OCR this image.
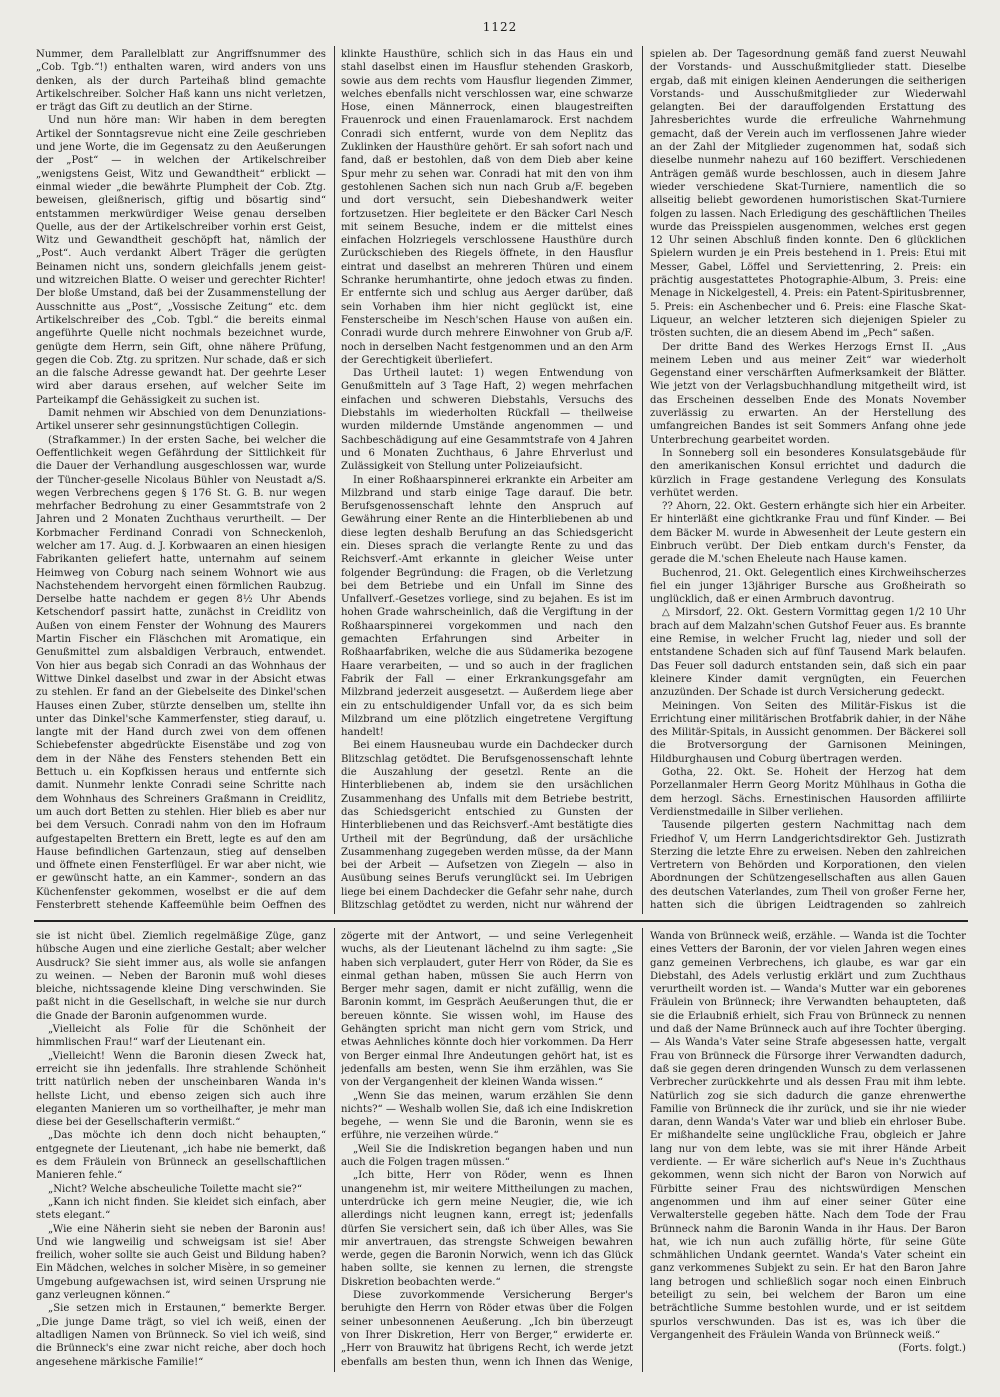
1122

Nummer, dem Parallelblatt zur Angriffsnummer des „Cob. Tgb.“!) enthalten waren, wird anders von uns denken, als der durch Parteihaß blind gemachte Artikelschreiber. Solcher Haß kann uns nicht verletzen, er trägt das Gift zu deutlich an der Stirne.

Und nun höre man: Wir haben in dem beregten Artikel der Sonntagsrevue nicht eine Zeile geschrieben und jene Worte, die im Gegensatz zu den Aeußerungen der „Post“ — in welchen der Artikelschreiber „wenigstens Geist, Witz und Gewandtheit“ erblickt — einmal wieder „die bewährte Plumpheit der Cob. Ztg. beweisen, gleißnerisch, giftig und bösartig sind“ entstammen merkwürdiger Weise genau derselben Quelle, aus der der Artikelschreiber vorhin erst Geist, Witz und Gewandtheit geschöpft hat, nämlich der „Post“. Auch verdankt Albert Träger die gerügten Beinamen nicht uns, sondern gleichfalls jenem geist- und witzreichen Blatte. O weiser und gerechter Richter! Der bloße Umstand, daß bei der Zusammenstellung der Ausschnitte aus „Post“, „Vossische Zeitung“ etc. dem Artikelschreiber des „Cob. Tgbl.“ die bereits einmal angeführte Quelle nicht nochmals bezeichnet wurde, genügte dem Herrn, sein Gift, ohne nähere Prüfung, gegen die Cob. Ztg. zu spritzen. Nur schade, daß er sich an die falsche Adresse gewandt hat. Der geehrte Leser wird aber daraus ersehen, auf welcher Seite im Parteikampf die Gehässigkeit zu suchen ist.

Damit nehmen wir Abschied von dem Denunziations-Artikel unserer sehr gesinnungstüchtigen Collegin.

(Strafkammer.) In der ersten Sache, bei welcher die Oeffentlichkeit wegen Gefährdung der Sittlichkeit für die Dauer der Verhandlung ausgeschlossen war, wurde der Tüncher-geselle Nicolaus Bühler von Neustadt a/S. wegen Verbrechens gegen § 176 St. G. B. nur wegen mehrfacher Bedrohung zu einer Gesammtstrafe von 2 Jahren und 2 Monaten Zuchthaus verurtheilt. — Der Korbmacher Ferdinand Conradi von Schneckenloh, welcher am 17. Aug. d. J. Korbwaaren an einen hiesigen Fabrikanten geliefert hatte, unternahm auf seinem Heimweg von Coburg nach seinem Wohnort wie aus Nachstehendem hervorgeht einen förmlichen Raubzug. Derselbe hatte nachdem er gegen 8½ Uhr Abends Ketschendorf passirt hatte, zunächst in Creidlitz von Außen von einem Fenster der Wohnung des Maurers Martin Fischer ein Fläschchen mit Aromatique, ein Genußmittel zum alsbaldigen Verbrauch, entwendet. Von hier aus begab sich Conradi an das Wohnhaus der Wittwe Dinkel daselbst und zwar in der Absicht etwas zu stehlen. Er fand an der Giebelseite des Dinkel'schen Hauses einen Zuber, stürzte denselben um, stellte ihn unter das Dinkel'sche Kammerfenster, stieg darauf, u. langte mit der Hand durch zwei von dem offenen Schiebefenster abgedrückte Eisenstäbe und zog von dem in der Nähe des Fensters stehenden Bett ein Bettuch u. ein Kopfkissen heraus und entfernte sich damit. Nunmehr lenkte Conradi seine Schritte nach dem Wohnhaus des Schreiners Graßmann in Creidlitz, um auch dort Betten zu stehlen. Hier blieb es aber nur bei dem Versuch. Conradi nahm von den im Hofraum aufgestapelten Brettern ein Brett, legte es auf den am Hause befindlichen Gartenzaun, stieg auf denselben und öffnete einen Fensterflügel. Er war aber nicht, wie er gewünscht hatte, an ein Kammer-, sondern an das Küchenfenster gekommen, woselbst er die auf dem Fensterbrett stehende Kaffeemühle beim Oeffnen des

klinkte Hausthüre, schlich sich in das Haus ein und stahl daselbst einen im Hausflur stehenden Graskorb, sowie aus dem rechts vom Hausflur liegenden Zimmer, welches ebenfalls nicht verschlossen war, eine schwarze Hose, einen Männerrock, einen blaugestreiften Frauenrock und einen Frauenlamarock. Erst nachdem Conradi sich entfernt, wurde von dem Neplitz das Zuklinken der Hausthüre gehört. Er sah sofort nach und fand, daß er bestohlen, daß von dem Dieb aber keine Spur mehr zu sehen war. Conradi hat mit den von ihm gestohlenen Sachen sich nun nach Grub a/F. begeben und dort versucht, sein Diebeshandwerk weiter fortzusetzen. Hier begleitete er den Bäcker Carl Nesch mit seinem Besuche, indem er die mittelst eines einfachen Holzriegels verschlossene Hausthüre durch Zurückschieben des Riegels öffnete, in den Hausflur eintrat und daselbst an mehreren Thüren und einem Schranke herumhantirte, ohne jedoch etwas zu finden. Er entfernte sich und schlug aus Aerger darüber, daß sein Vorhaben ihm hier nicht geglückt ist, eine Fensterscheibe im Nesch'schen Hause von außen ein. Conradi wurde durch mehrere Einwohner von Grub a/F. noch in derselben Nacht festgenommen und an den Arm der Gerechtigkeit überliefert.

Das Urtheil lautet: 1) wegen Entwendung von Genußmitteln auf 3 Tage Haft, 2) wegen mehrfachen einfachen und schweren Diebstahls, Versuchs des Diebstahls im wiederholten Rückfall — theilweise wurden mildernde Umstände angenommen — und Sachbeschädigung auf eine Gesammtstrafe von 4 Jahren und 6 Monaten Zuchthaus, 6 Jahre Ehrverlust und Zulässigkeit von Stellung unter Polizeiaufsicht.

In einer Roßhaarspinnerei erkrankte ein Arbeiter am Milzbrand und starb einige Tage darauf. Die betr. Berufsgenossenschaft lehnte den Anspruch auf Gewährung einer Rente an die Hinterbliebenen ab und diese legten deshalb Berufung an das Schiedsgericht ein. Dieses sprach die verlangte Rente zu und das Reichsverf.-Amt erkannte in gleicher Weise unter folgender Begründung: die Fragen, ob die Verletzung bei dem Betriebe und ein Unfall im Sinne des Unfallverf.-Gesetzes vorliege, sind zu bejahen. Es ist im hohen Grade wahrscheinlich, daß die Vergiftung in der Roßhaarspinnerei vorgekommen und nach den gemachten Erfahrungen sind Arbeiter in Roßhaarfabriken, welche die aus Südamerika bezogene Haare verarbeiten, — und so auch in der fraglichen Fabrik der Fall — einer Erkrankungsgefahr am Milzbrand jederzeit ausgesetzt. — Außerdem liege aber ein zu entschuldigender Unfall vor, da es sich beim Milzbrand um eine plötzlich eingetretene Vergiftung handelt!

Bei einem Hausneubau wurde ein Dachdecker durch Blitzschlag getödtet. Die Berufsgenossenschaft lehnte die Auszahlung der gesetzl. Rente an die Hinterbliebenen ab, indem sie den ursächlichen Zusammenhang des Unfalls mit dem Betriebe bestritt, das Schiedsgericht entschied zu Gunsten der Hinterbliebenen und das Reichsverf.-Amt bestätigte dies Urtheil mit der Begründung, daß der ursächliche Zusammenhang zugegeben werden müsse, da der Mann bei der Arbeit — Aufsetzen von Ziegeln — also in Ausübung seines Berufs verunglückt sei. Im Uebrigen liege bei einem Dachdecker die Gefahr sehr nahe, durch Blitzschlag getödtet zu werden, nicht nur während der

spielen ab. Der Tagesordnung gemäß fand zuerst Neuwahl der Vorstands- und Ausschußmitglieder statt. Dieselbe ergab, daß mit einigen kleinen Aenderungen die seitherigen Vorstands- und Ausschußmitglieder zur Wiederwahl gelangten. Bei der darauffolgenden Erstattung des Jahresberichtes wurde die erfreuliche Wahrnehmung gemacht, daß der Verein auch im verflossenen Jahre wieder an der Zahl der Mitglieder zugenommen hat, sodaß sich dieselbe nunmehr nahezu auf 160 beziffert. Verschiedenen Anträgen gemäß wurde beschlossen, auch in diesem Jahre wieder verschiedene Skat-Turniere, namentlich die so allseitig beliebt gewordenen humoristischen Skat-Turniere folgen zu lassen. Nach Erledigung des geschäftlichen Theiles wurde das Preisspielen ausgenommen, welches erst gegen 12 Uhr seinen Abschluß finden konnte. Den 6 glücklichen Spielern wurden je ein Preis bestehend in 1. Preis: Etui mit Messer, Gabel, Löffel und Serviettenring, 2. Preis: ein prächtig ausgestattetes Photographie-Album, 3. Preis: eine Menage in Nickelgestell, 4. Preis: ein Patent-Spiritusbrenner, 5. Preis: ein Aschenbecher und 6. Preis: eine Flasche Skat-Liqueur, an welcher letzteren sich diejenigen Spieler zu trösten suchten, die an diesem Abend im „Pech“ saßen.

Der dritte Band des Werkes Herzogs Ernst II. „Aus meinem Leben und aus meiner Zeit“ war wiederholt Gegenstand einer verschärften Aufmerksamkeit der Blätter. Wie jetzt von der Verlagsbuchhandlung mitgetheilt wird, ist das Erscheinen desselben Ende des Monats November zuverlässig zu erwarten. An der Herstellung des umfangreichen Bandes ist seit Sommers Anfang ohne jede Unterbrechung gearbeitet worden.

In Sonneberg soll ein besonderes Konsulatsgebäude für den amerikanischen Konsul errichtet und dadurch die kürzlich in Frage gestandene Verlegung des Konsulats verhütet werden.

?? Ahorn, 22. Okt. Gestern erhängte sich hier ein Arbeiter. Er hinterläßt eine gichtkranke Frau und fünf Kinder. — Bei dem Bäcker M. wurde in Abwesenheit der Leute gestern ein Einbruch verübt. Der Dieb entkam durch's Fenster, da gerade die M.'schen Eheleute nach Hause kamen.

Buchenrod, 21. Okt. Gelegentlich eines Kirchweihscherzes fiel ein junger 13jähriger Bursche aus Großheirath so unglücklich, daß er einen Armbruch davontrug.

△ Mirsdorf, 22. Okt. Gestern Vormittag gegen 1/2 10 Uhr brach auf dem Malzahn'schen Gutshof Feuer aus. Es brannte eine Remise, in welcher Frucht lag, nieder und soll der entstandene Schaden sich auf fünf Tausend Mark belaufen. Das Feuer soll dadurch entstanden sein, daß sich ein paar kleinere Kinder damit vergnügten, ein Feuerchen anzuzünden. Der Schade ist durch Versicherung gedeckt.

Meiningen. Von Seiten des Militär-Fiskus ist die Errichtung einer militärischen Brotfabrik dahier, in der Nähe des Militär-Spitals, in Aussicht genommen. Der Bäckerei soll die Brotversorgung der Garnisonen Meiningen, Hildburghausen und Coburg übertragen werden.

Gotha, 22. Okt. Se. Hoheit der Herzog hat dem Porzellanmaler Herrn Georg Moritz Mühlhaus in Gotha die dem herzogl. Sächs. Ernestinischen Hausorden affiliirte Verdienstmedaille in Silber verliehen.

Tausende pilgerten gestern Nachmittag nach dem Friedhof V, um Herrn Landgerichtsdirektor Geh. Justizrath Sterzing die letzte Ehre zu erweisen. Neben den zahlreichen Vertretern von Behörden und Korporationen, den vielen Abordnungen der Schützengesellschaften aus allen Gauen des deutschen Vaterlandes, zum Theil von großer Ferne her, hatten sich die übrigen Leidtragenden so zahlreich

sie ist nicht übel. Ziemlich regelmäßige Züge, ganz hübsche Augen und eine zierliche Gestalt; aber welcher Ausdruck? Sie sieht immer aus, als wolle sie anfangen zu weinen. — Neben der Baronin muß wohl dieses bleiche, nichtssagende kleine Ding verschwinden. Sie paßt nicht in die Gesellschaft, in welche sie nur durch die Gnade der Baronin aufgenommen wurde.

„Vielleicht als Folie für die Schönheit der himmlischen Frau!“ warf der Lieutenant ein.

„Vielleicht! Wenn die Baronin diesen Zweck hat, erreicht sie ihn jedenfalls. Ihre strahlende Schönheit tritt natürlich neben der unscheinbaren Wanda in's hellste Licht, und ebenso zeigen sich auch ihre eleganten Manieren um so vortheilhafter, je mehr man diese bei der Gesellschafterin vermißt.“

„Das möchte ich denn doch nicht behaupten,“ entgegnete der Lieutenant, „ich habe nie bemerkt, daß es dem Fräulein von Brünneck an gesellschaftlichen Manieren fehle.“

„Nicht? Welche abscheuliche Toilette macht sie?“

„Kann ich nicht finden. Sie kleidet sich einfach, aber stets elegant.“

„Wie eine Näherin sieht sie neben der Baronin aus! Und wie langweilig und schweigsam ist sie! Aber freilich, woher sollte sie auch Geist und Bildung haben? Ein Mädchen, welches in solcher Misère, in so gemeiner Umgebung aufgewachsen ist, wird seinen Ursprung nie ganz verleugnen können.“

„Sie setzen mich in Erstaunen,“ bemerkte Berger. „Die junge Dame trägt, so viel ich weiß, einen der altadligen Namen von Brünneck. So viel ich weiß, sind die Brünneck's eine zwar nicht reiche, aber doch hoch angesehene märkische Familie!“

zögerte mit der Antwort, — und seine Verlegenheit wuchs, als der Lieutenant lächelnd zu ihm sagte: „Sie haben sich verplaudert, guter Herr von Röder, da Sie es einmal gethan haben, müssen Sie auch Herrn von Berger mehr sagen, damit er nicht zufällig, wenn die Baronin kommt, im Gespräch Aeußerungen thut, die er bereuen könnte. Sie wissen wohl, im Hause des Gehängten spricht man nicht gern vom Strick, und etwas Aehnliches könnte doch hier vorkommen. Da Herr von Berger einmal Ihre Andeutungen gehört hat, ist es jedenfalls am besten, wenn Sie ihm erzählen, was Sie von der Vergangenheit der kleinen Wanda wissen.“

„Wenn Sie das meinen, warum erzählen Sie denn nichts?“ — Weshalb wollen Sie, daß ich eine Indiskretion begehe, — wenn Sie und die Baronin, wenn sie es erführe, nie verzeihen würde.“

„Weil Sie die Indiskretion begangen haben und nun auch die Folgen tragen müssen.“

„Ich bitte, Herr von Röder, wenn es Ihnen unangenehm ist, mir weitere Mittheilungen zu machen, unterdrücke ich gern meine Neugier, die, wie ich allerdings nicht leugnen kann, erregt ist; jedenfalls dürfen Sie versichert sein, daß ich über Alles, was Sie mir anvertrauen, das strengste Schweigen bewahren werde, gegen die Baronin Norwich, wenn ich das Glück haben sollte, sie kennen zu lernen, die strengste Diskretion beobachten werde.“

Diese zuvorkommende Versicherung Berger's beruhigte den Herrn von Röder etwas über die Folgen seiner unbesonnenen Aeußerung. „Ich bin überzeugt von Ihrer Diskretion, Herr von Berger,“ erwiderte er. „Herr von Brauwitz hat übrigens Recht, ich werde jetzt ebenfalls am besten thun, wenn ich Ihnen das Wenige,

Wanda von Brünneck weiß, erzähle. — Wanda ist die Tochter eines Vetters der Baronin, der vor vielen Jahren wegen eines ganz gemeinen Verbrechens, ich glaube, es war gar ein Diebstahl, des Adels verlustig erklärt und zum Zuchthaus verurtheilt worden ist. — Wanda's Mutter war ein geborenes Fräulein von Brünneck; ihre Verwandten behaupteten, daß sie die Erlaubniß erhielt, sich Frau von Brünneck zu nennen und daß der Name Brünneck auch auf ihre Tochter überging. — Als Wanda's Vater seine Strafe abgesessen hatte, vergalt Frau von Brünneck die Fürsorge ihrer Verwandten dadurch, daß sie gegen deren dringenden Wunsch zu dem verlassenen Verbrecher zurückkehrte und als dessen Frau mit ihm lebte. Natürlich zog sie sich dadurch die ganze ehrenwerthe Familie von Brünneck die ihr zurück, und sie ihr nie wieder daran, denn Wanda's Vater war und blieb ein ehrloser Bube. Er mißhandelte seine unglückliche Frau, obgleich er Jahre lang nur von dem lebte, was sie mit ihrer Hände Arbeit verdiente. — Er wäre sicherlich auf's Neue in's Zuchthaus gekommen, wenn sich nicht der Baron von Norwich auf Fürbitte seiner Frau des nichtswürdigen Menschen angenommen und ihm auf einer seiner Güter eine Verwalterstelle gegeben hätte. Nach dem Tode der Frau Brünneck nahm die Baronin Wanda in ihr Haus. Der Baron hat, wie ich nun auch zufällig hörte, für seine Güte schmählichen Undank geerntet. Wanda's Vater scheint ein ganz verkommenes Subjekt zu sein. Er hat den Baron Jahre lang betrogen und schließlich sogar noch einen Einbruch beteiligt zu sein, bei welchem der Baron um eine beträchtliche Summe bestohlen wurde, und er ist seitdem spurlos verschwunden. Das ist es, was ich über die Vergangenheit des Fräulein Wanda von Brünneck weiß.“

(Forts. folgt.)
